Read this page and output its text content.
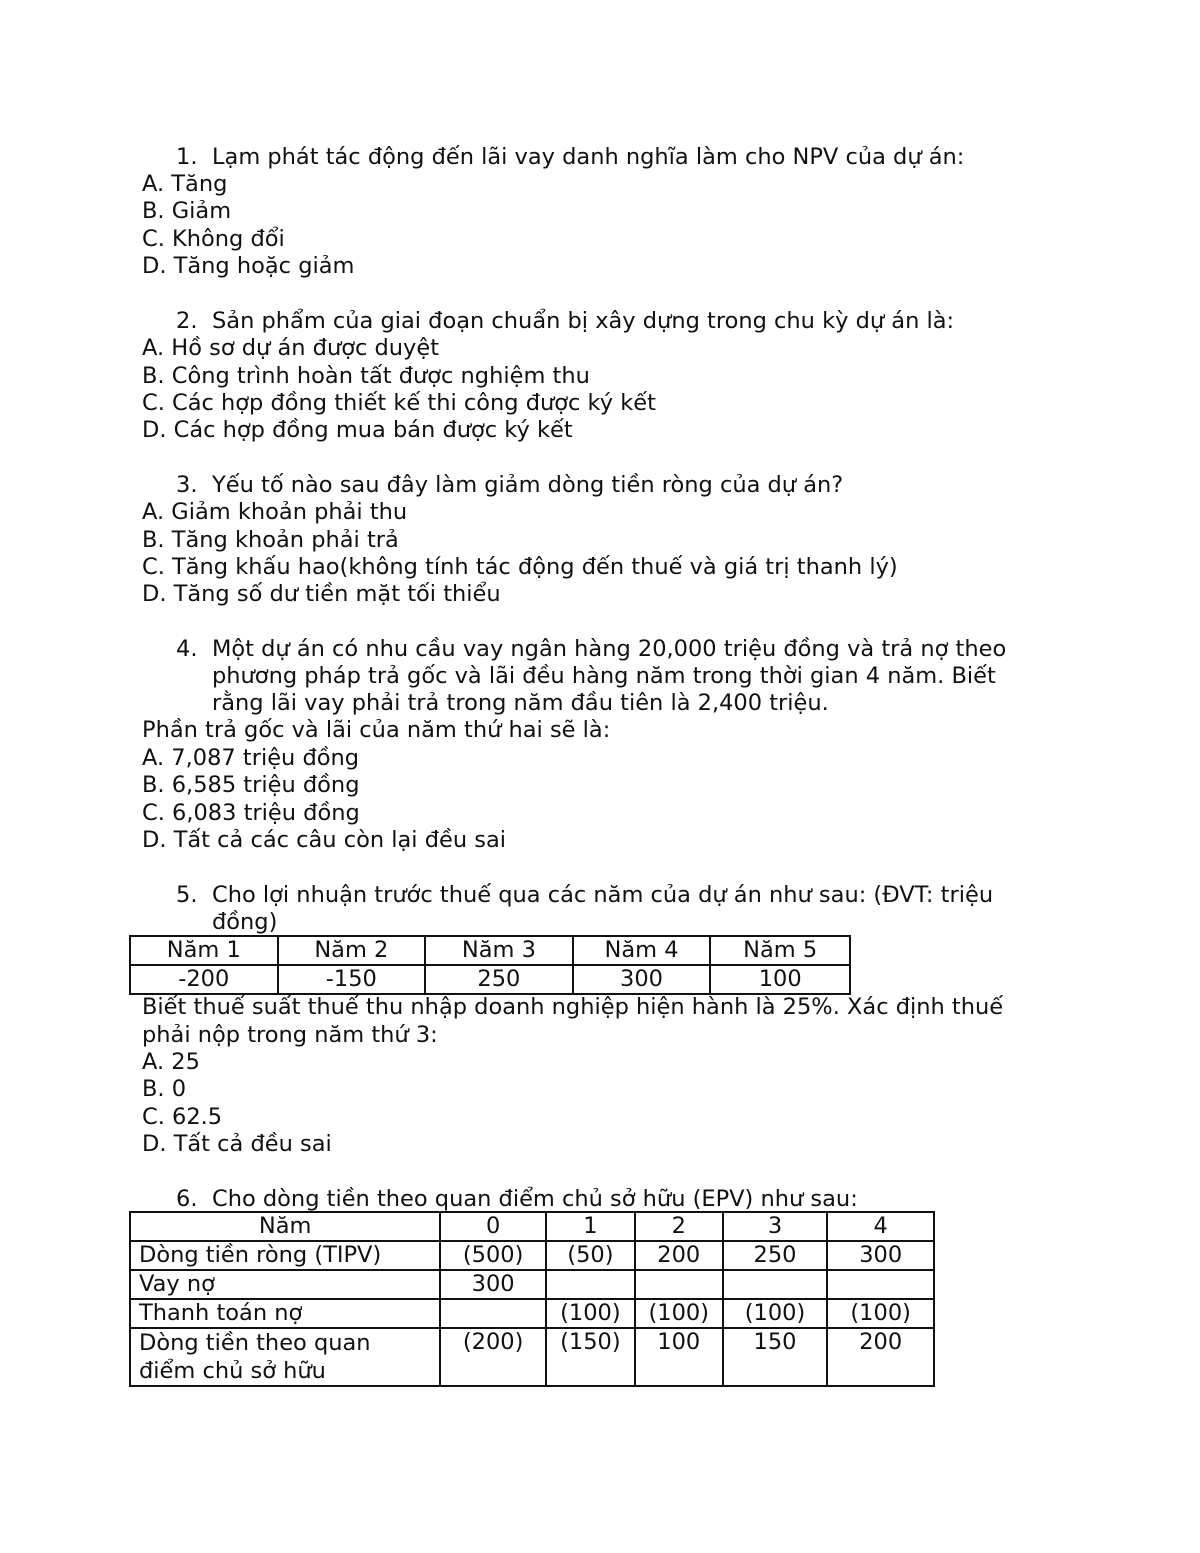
1. Lạm phát tác động đến lãi vay danh nghĩa làm cho NPV của dự án:
A. Tăng
B. Giảm
C. Không đổi
D. Tăng hoặc giảm
2. Sản phẩm của giai đoạn chuẩn bị xây dựng trong chu kỳ dự án là:
A. Hồ sơ dự án được duyệt
B. Công trình hoàn tất được nghiệm thu
C. Các hợp đồng thiết kế thi công được ký kết
D. Các hợp đồng mua bán được ký kết
3. Yếu tố nào sau đây làm giảm dòng tiền ròng của dự án?
A. Giảm khoản phải thu
B. Tăng khoản phải trả
C. Tăng khấu hao(không tính tác động đến thuế và giá trị thanh lý)
D. Tăng số dư tiền mặt tối thiểu
4. Một dự án có nhu cầu vay ngân hàng 20,000 triệu đồng và trả nợ theo
phương pháp trả gốc và lãi đều hàng năm trong thời gian 4 năm. Biết
rằng lãi vay phải trả trong năm đầu tiên là 2,400 triệu.
Phần trả gốc và lãi của năm thứ hai sẽ là:
A. 7,087 triệu đồng
B. 6,585 triệu đồng
C. 6,083 triệu đồng
D. Tất cả các câu còn lại đều sai
5. Cho lợi nhuận trước thuế qua các năm của dự án như sau: (ĐVT: triệu
đồng)
Năm 1	Năm 2	Năm 3	Năm 4	Năm 5
-200	-150	250	300	100
Biết thuế suất thuế thu nhập doanh nghiệp hiện hành là 25%. Xác định thuế
phải nộp trong năm thứ 3:
A. 25
B. 0
C. 62.5
D. Tất cả đều sai
6. Cho dòng tiền theo quan điểm chủ sở hữu (EPV) như sau:
Năm	0	1	2	3	4
Dòng tiền ròng (TIPV)	(500)	(50)	200	250	300
Vay nợ	300				
Thanh toán nợ		(100)	(100)	(100)	(100)
Dòng tiền theo quan điểm chủ sở hữu	(200)	(150)	100	150	200
